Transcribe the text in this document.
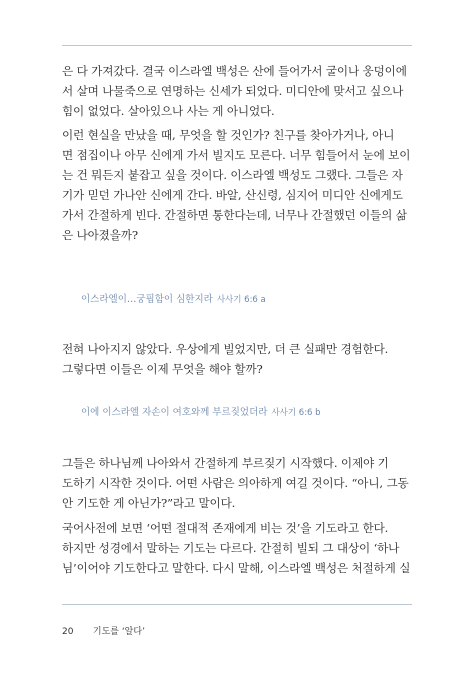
은 다 가져갔다. 결국 이스라엘 백성은 산에 들어가서 굴이나 웅덩이에
서 살며 나물죽으로 연명하는 신세가 되었다. 미디안에 맞서고 싶으나
힘이 없었다. 살아있으나 사는 게 아니었다.
이런 현실을 만났을 때, 무엇을 할 것인가? 친구를 찾아가거나, 아니
면 점집이나 아무 신에게 가서 빌지도 모른다. 너무 힘들어서 눈에 보이
는 건 뭐든지 붙잡고 싶을 것이다. 이스라엘 백성도 그랬다. 그들은 자
기가 믿던 가나안 신에게 간다. 바알, 산신령, 심지어 미디안 신에게도
가서 간절하게 빈다. 간절하면 통한다는데, 너무나 간절했던 이들의 삶
은 나아졌을까?
이스라엘이…궁핍함이 심한지라 사사기 6:6 a
전혀 나아지지 않았다. 우상에게 빌었지만, 더 큰 실패만 경험한다.
그렇다면 이들은 이제 무엇을 해야 할까?
이에 이스라엘 자손이 여호와께 부르짖었더라 사사기 6:6 b
그들은 하나님께 나아와서 간절하게 부르짖기 시작했다. 이제야 기
도하기 시작한 것이다. 어떤 사람은 의아하게 여길 것이다. “아니, 그동
안 기도한 게 아닌가?”라고 말이다.
국어사전에 보면 ‘어떤 절대적 존재에게 비는 것’을 기도라고 한다.
하지만 성경에서 말하는 기도는 다르다. 간절히 빌되 그 대상이 ‘하나
님’이어야 기도한다고 말한다. 다시 말해, 이스라엘 백성은 처절하게 실
20 기도를 ‘알다’
